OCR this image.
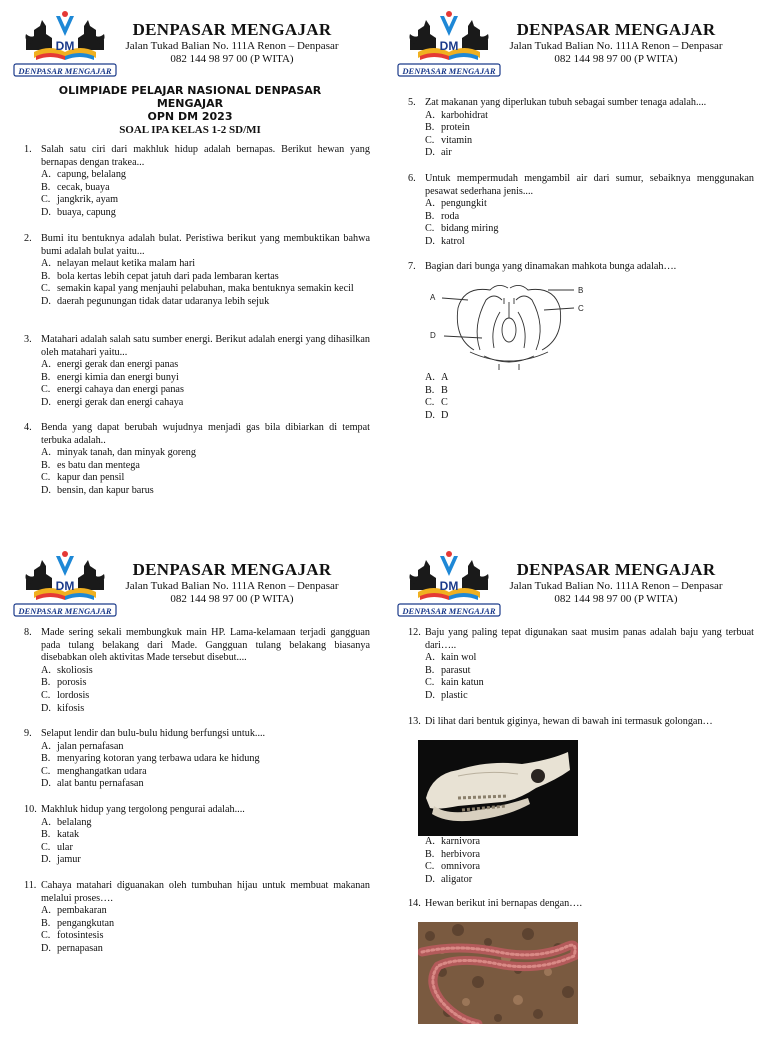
DENPASAR MENGAJAR
DENPASAR MENGAJAR
Jalan Tukad Balian No. 111A Renon – Denpasar
082 144 98 97 00 (P WITA)
OLIMPIADE PELAJAR NASIONAL DENPASAR MENGAJAR
OPN DM 2023
SOAL IPA KELAS 1-2 SD/MI
1. Salah satu ciri dari makhluk hidup adalah bernapas. Berikut hewan yang bernapas dengan trakea...
A. capung, belalang
B. cecak, buaya
C. jangkrik, ayam
D. buaya, capung
2. Bumi itu bentuknya adalah bulat. Peristiwa berikut yang membuktikan bahwa bumi adalah bulat yaitu...
A. nelayan melaut ketika malam hari
B. bola kertas lebih cepat jatuh dari pada lembaran kertas
C. semakin kapal yang menjauhi pelabuhan, maka bentuknya semakin kecil
D. daerah pegunungan tidak datar udaranya lebih sejuk
3. Matahari adalah salah satu sumber energi. Berikut adalah energi yang dihasilkan oleh matahari yaitu...
A. energi gerak dan energi panas
B. energi kimia dan energi bunyi
C. energi cahaya dan energi panas
D. energi gerak dan energi cahaya
4. Benda yang dapat berubah wujudnya menjadi gas bila dibiarkan di tempat terbuka adalah..
A. minyak tanah, dan minyak goreng
B. es batu dan mentega
C. kapur dan pensil
D. bensin, dan kapur barus
DENPASAR MENGAJAR
DENPASAR MENGAJAR
Jalan Tukad Balian No. 111A Renon – Denpasar
082 144 98 97 00 (P WITA)
5. Zat makanan yang diperlukan tubuh sebagai sumber tenaga adalah....
A. karbohidrat
B. protein
C. vitamin
D. air
6. Untuk mempermudah mengambil air dari sumur, sebaiknya menggunakan pesawat sederhana jenis....
A. pengungkit
B. roda
C. bidang miring
D. katrol
7. Bagian dari bunga yang dinamakan mahkota bunga adalah….
A
B
C
D
A. A
B. B
C. C
D. D
DENPASAR MENGAJAR
DENPASAR MENGAJAR
Jalan Tukad Balian No. 111A Renon – Denpasar
082 144 98 97 00 (P WITA)
8. Made sering sekali membungkuk main HP. Lama-kelamaan terjadi gangguan pada tulang belakang dari Made. Gangguan tulang belakang biasanya disebabkan oleh aktivitas Made tersebut disebut....
A. skoliosis
B. porosis
C. lordosis
D. kifosis
9. Selaput lendir dan bulu-bulu hidung berfungsi untuk....
A. jalan pernafasan
B. menyaring kotoran yang terbawa udara ke hidung
C. menghangatkan udara
D. alat bantu pernafasan
10. Makhluk hidup yang tergolong pengurai adalah....
A. belalang
B. katak
C. ular
D. jamur
11. Cahaya matahari diguanakan oleh tumbuhan hijau untuk membuat makanan melalui proses….
A. pembakaran
B. pengangkutan
C. fotosintesis
D. pernapasan
DENPASAR MENGAJAR
DENPASAR MENGAJAR
Jalan Tukad Balian No. 111A Renon – Denpasar
082 144 98 97 00 (P WITA)
12. Baju yang paling tepat digunakan saat musim panas adalah baju yang terbuat dari…..
A. kain wol
B. parasut
C. kain katun
D. plastic
13. Di lihat dari bentuk giginya, hewan di bawah ini termasuk golongan…
A. karnivora
B. herbivora
C. omnivora
D. aligator
14. Hewan berikut ini bernapas dengan….
